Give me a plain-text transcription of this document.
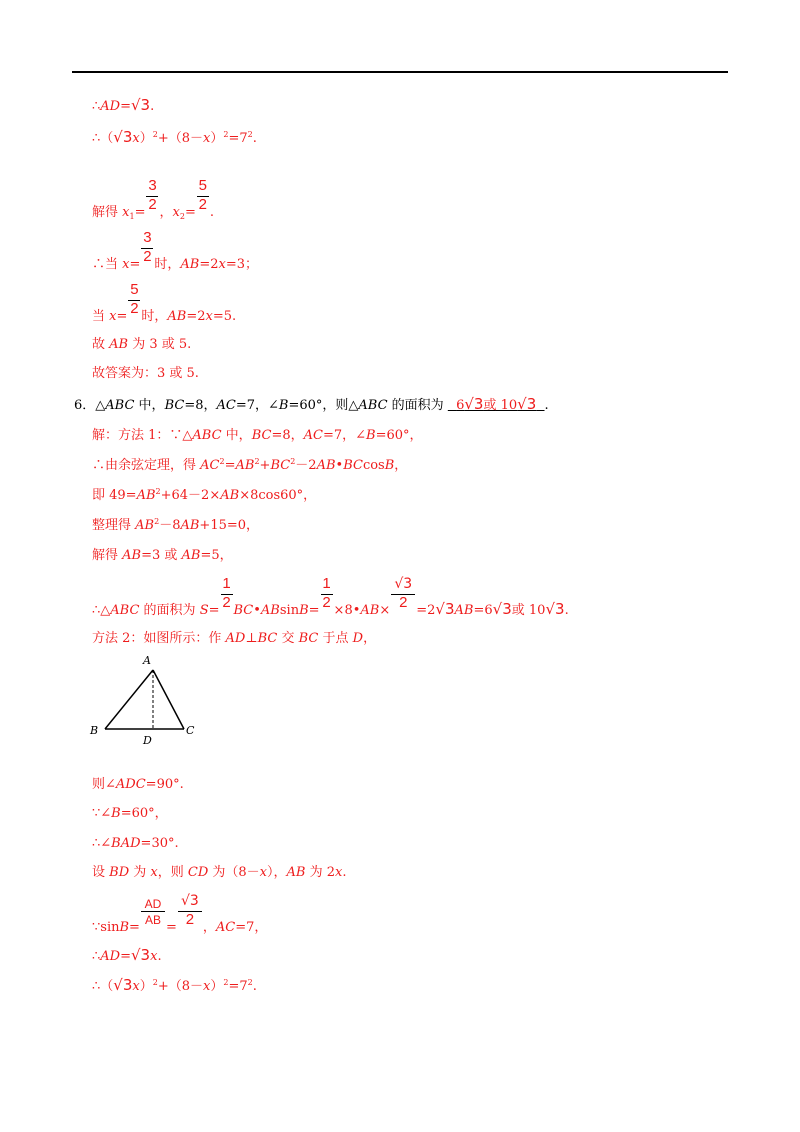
∴AD=√3.
$\therefore(√3x)^2+(8-x)^2=7^2$.
解得 $x_1= \frac{3}{2}$ ，$x_2= \frac{5}{2}$ .
∴当 $x= \frac{3}{2}$ 时，AB=2x=3；
当 $x= \frac{5}{2}$ 时，AB=2x=5.
故 AB 为 3 或 5.
故答案为：3 或 5.
6．△ABC 中，BC=8，AC=7，∠B=60°，则△ABC 的面积为   6√3或 10√3 .
解：方法 1：∵△ABC 中，BC=8，AC=7，∠B=60°，
∴由余弦定理，得 $AC^2=AB^2+BC^2-2AB•BCcosB$，
即 $49=AB^2+64-2\times AB\times 8\cos 60^\circ$，
整理得 $AB^2-8AB+15=0$，
解得 AB=3 或 AB=5，
∴△ABC 的面积为 $S= \frac{1}{2}$ BC•ABsinB= $\frac{1}{2}$ ×8•AB× $\frac{√3}{2} =2√3AB=6√3$或 10√3.
方法 2：如图所示：作 AD⊥BC 交 BC 于点 D，
A
B	C
D
则∠ADC=90°.
∵∠B=60°，
∴∠BAD=30°.
设 BD 为 x，则 CD 为（8－x），AB 为 2x.
∵sinB= $\frac{AD}{AB} = \frac{√3}{2}$ ，AC=7，
∴AD=√3x.
$\therefore(√3x)^2+(8-x)^2=7^2$.
